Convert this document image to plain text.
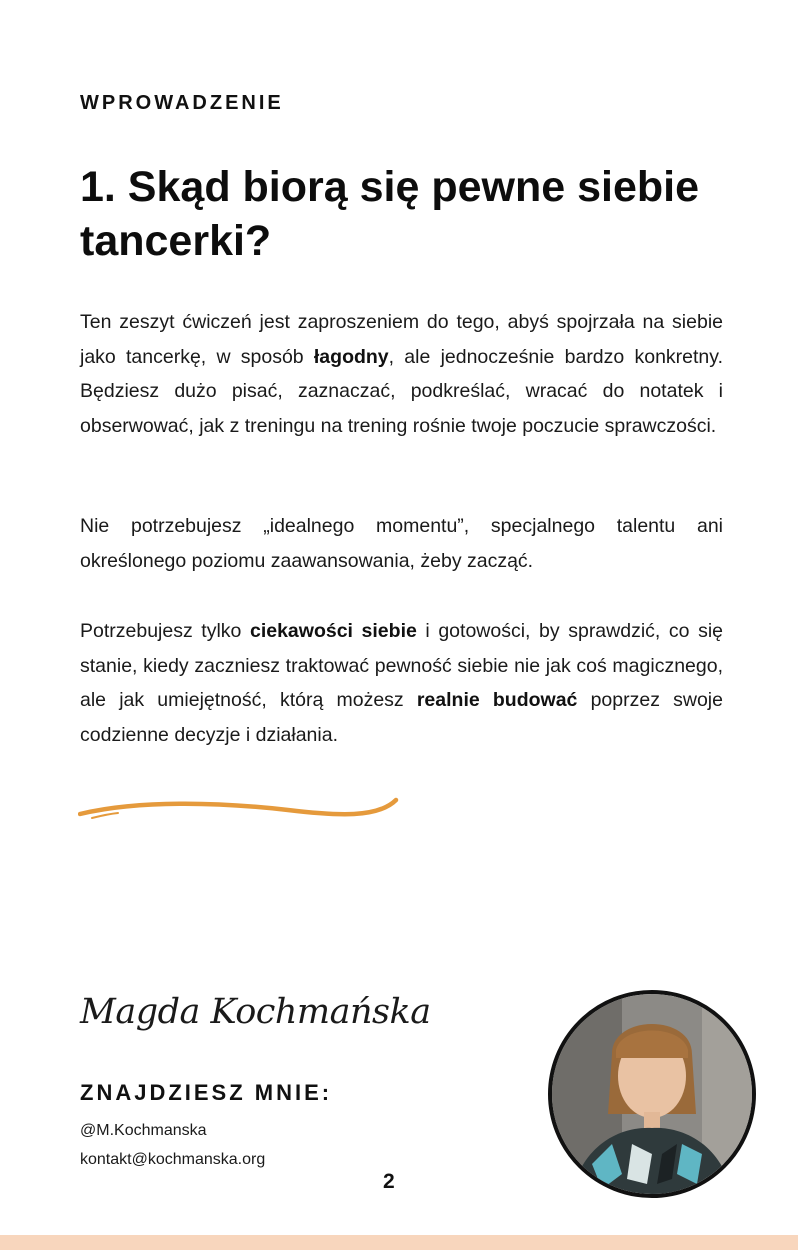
WPROWADZENIE
1. Skąd biorą się pewne siebie tancerki?

Ten zeszyt ćwiczeń jest zaproszeniem do tego, abyś spojrzała na siebie jako tancerkę, w sposób łagodny, ale jednocześnie bardzo konkretny. Będziesz dużo pisać, zaznaczać, podkreślać, wracać do notatek i obserwować, jak z treningu na trening rośnie twoje poczucie sprawczości.

Nie potrzebujesz „idealnego momentu”, specjalnego talentu ani określonego poziomu zaawansowania, żeby zacząć.

Potrzebujesz tylko ciekawości siebie i gotowości, by sprawdzić, co się stanie, kiedy zaczniesz traktować pewność siebie nie jak coś magicznego, ale jak umiejętność, którą możesz realnie budować poprzez swoje codzienne decyzje i działania.

Magda Kochmańska
ZNAJDZIESZ MNIE:
@M.Kochmanska
kontakt@kochmanska.org
2
